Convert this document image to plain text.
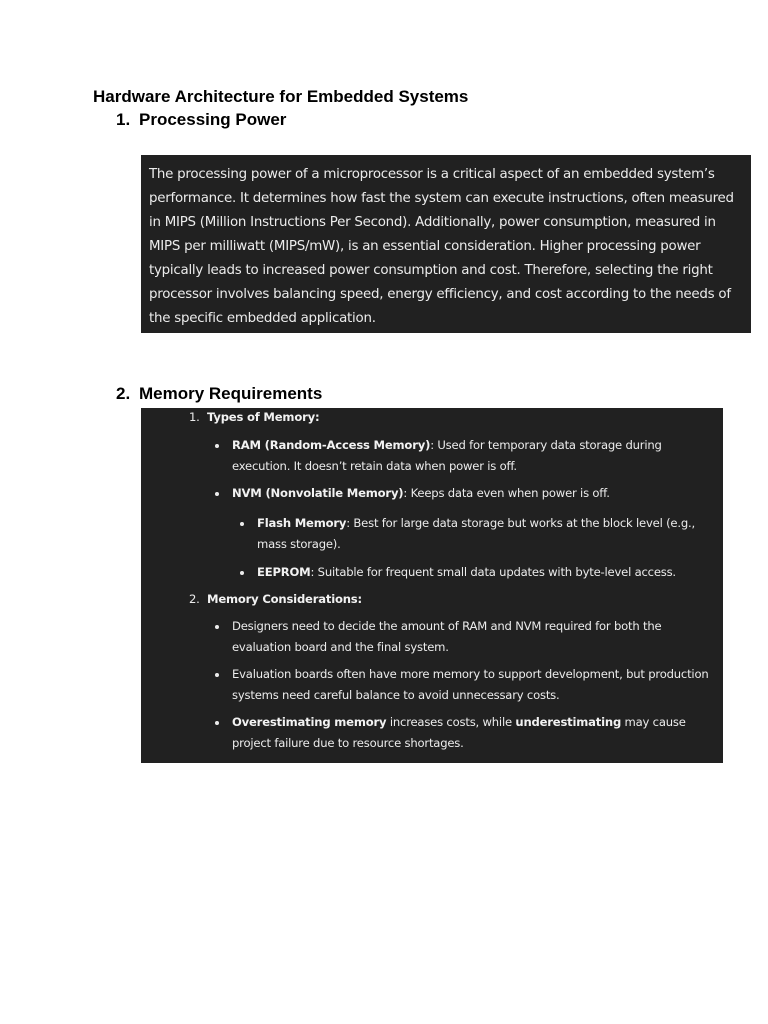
Hardware Architecture for Embedded Systems
1. Processing Power
The processing power of a microprocessor is a critical aspect of an embedded system’s performance. It determines how fast the system can execute instructions, often measured in MIPS (Million Instructions Per Second). Additionally, power consumption, measured in MIPS per milliwatt (MIPS/mW), is an essential consideration. Higher processing power typically leads to increased power consumption and cost. Therefore, selecting the right processor involves balancing speed, energy efficiency, and cost according to the needs of the specific embedded application.
2. Memory Requirements
1. Types of Memory:
RAM (Random-Access Memory): Used for temporary data storage during execution. It doesn’t retain data when power is off.
NVM (Nonvolatile Memory): Keeps data even when power is off.
Flash Memory: Best for large data storage but works at the block level (e.g., mass storage).
EEPROM: Suitable for frequent small data updates with byte-level access.
2. Memory Considerations:
Designers need to decide the amount of RAM and NVM required for both the evaluation board and the final system.
Evaluation boards often have more memory to support development, but production systems need careful balance to avoid unnecessary costs.
Overestimating memory increases costs, while underestimating may cause project failure due to resource shortages.
